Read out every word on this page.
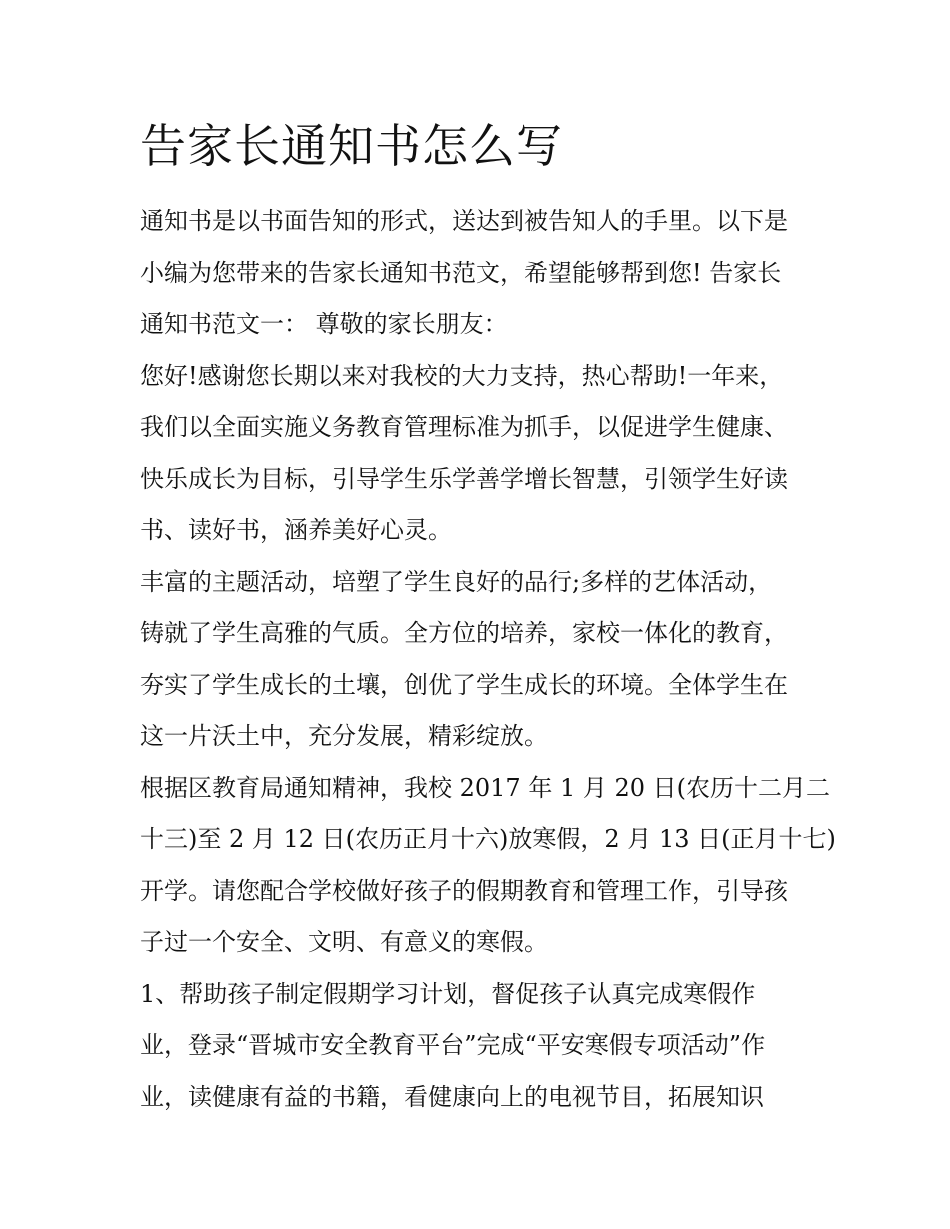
告家长通知书怎么写
通知书是以书面告知的形式，送达到被告知人的手里。以下是
小编为您带来的告家长通知书范文，希望能够帮到您! 告家长
通知书范文一： 尊敬的家长朋友：
您好!感谢您长期以来对我校的大力支持，热心帮助!一年来，
我们以全面实施义务教育管理标准为抓手，以促进学生健康、
快乐成长为目标，引导学生乐学善学增长智慧，引领学生好读
书、读好书，涵养美好心灵。
丰富的主题活动，培塑了学生良好的品行;多样的艺体活动，
铸就了学生高雅的气质。全方位的培养，家校一体化的教育，
夯实了学生成长的土壤，创优了学生成长的环境。全体学生在
这一片沃土中，充分发展，精彩绽放。
根据区教育局通知精神，我校 2017 年 1 月 20 日(农历十二月二
十三)至 2 月 12 日(农历正月十六)放寒假，2 月 13 日(正月十七)
开学。请您配合学校做好孩子的假期教育和管理工作，引导孩
子过一个安全、文明、有意义的寒假。
1、帮助孩子制定假期学习计划，督促孩子认真完成寒假作
业，登录“晋城市安全教育平台”完成“平安寒假专项活动”作
业，读健康有益的书籍，看健康向上的电视节目，拓展知识
